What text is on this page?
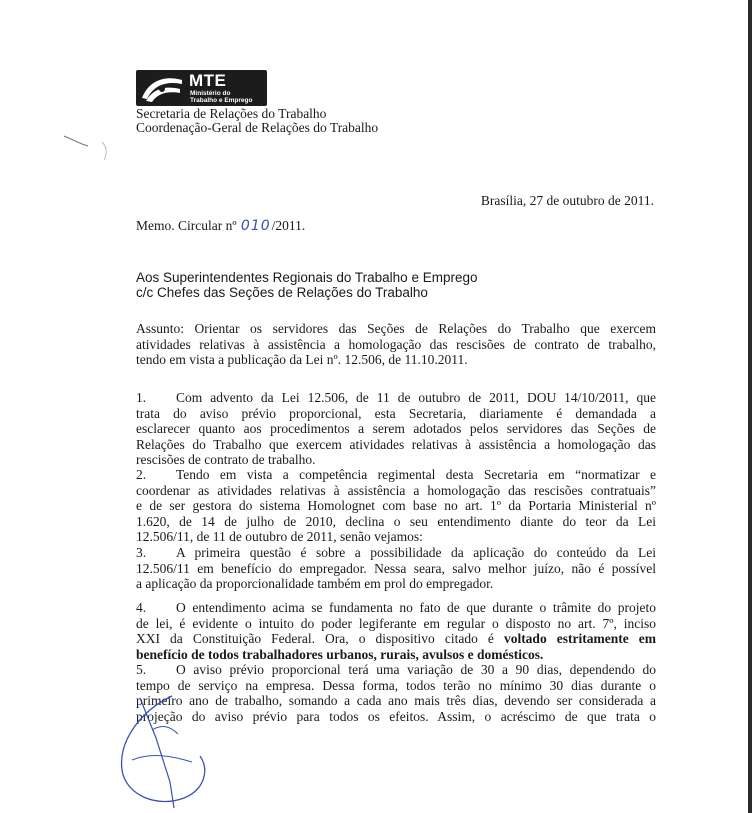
MTE
Ministério do
Trabalho e Emprego
Secretaria de Relações do Trabalho
Coordenação-Geral de Relações do Trabalho
Brasília, 27 de outubro de 2011.
Memo. Circular nº 010/2011.
Aos Superintendentes Regionais do Trabalho e Emprego
c/c Chefes das Seções de Relações do Trabalho
Assunto: Orientar os servidores das Seções de Relações do Trabalho que exercem
atividades relativas à assistência a homologação das rescisões de contrato de trabalho,
tendo em vista a publicação da Lei nº. 12.506, de 11.10.2011.
1. Com advento da Lei 12.506, de 11 de outubro de 2011, DOU 14/10/2011, que
trata do aviso prévio proporcional, esta Secretaria, diariamente é demandada a
esclarecer quanto aos procedimentos a serem adotados pelos servidores das Seções de
Relações do Trabalho que exercem atividades relativas à assistência a homologação das
rescisões de contrato de trabalho.
2. Tendo em vista a competência regimental desta Secretaria em “normatizar e
coordenar as atividades relativas à assistência a homologação das rescisões contratuais”
e de ser gestora do sistema Homolognet com base no art. 1º da Portaria Ministerial nº
1.620, de 14 de julho de 2010, declina o seu entendimento diante do teor da Lei
12.506/11, de 11 de outubro de 2011, senão vejamos:
3. A primeira questão é sobre a possibilidade da aplicação do conteúdo da Lei
12.506/11 em benefício do empregador. Nessa seara, salvo melhor juízo, não é possível
a aplicação da proporcionalidade também em prol do empregador.
4. O entendimento acima se fundamenta no fato de que durante o trâmite do projeto
de lei, é evidente o intuito do poder legiferante em regular o disposto no art. 7º, inciso
XXI da Constituição Federal. Ora, o dispositivo citado é voltado estritamente em
benefício de todos trabalhadores urbanos, rurais, avulsos e domésticos.
5. O aviso prévio proporcional terá uma variação de 30 a 90 dias, dependendo do
tempo de serviço na empresa. Dessa forma, todos terão no mínimo 30 dias durante o
primeiro ano de trabalho, somando a cada ano mais três dias, devendo ser considerada a
projeção do aviso prévio para todos os efeitos. Assim, o acréscimo de que trata o
